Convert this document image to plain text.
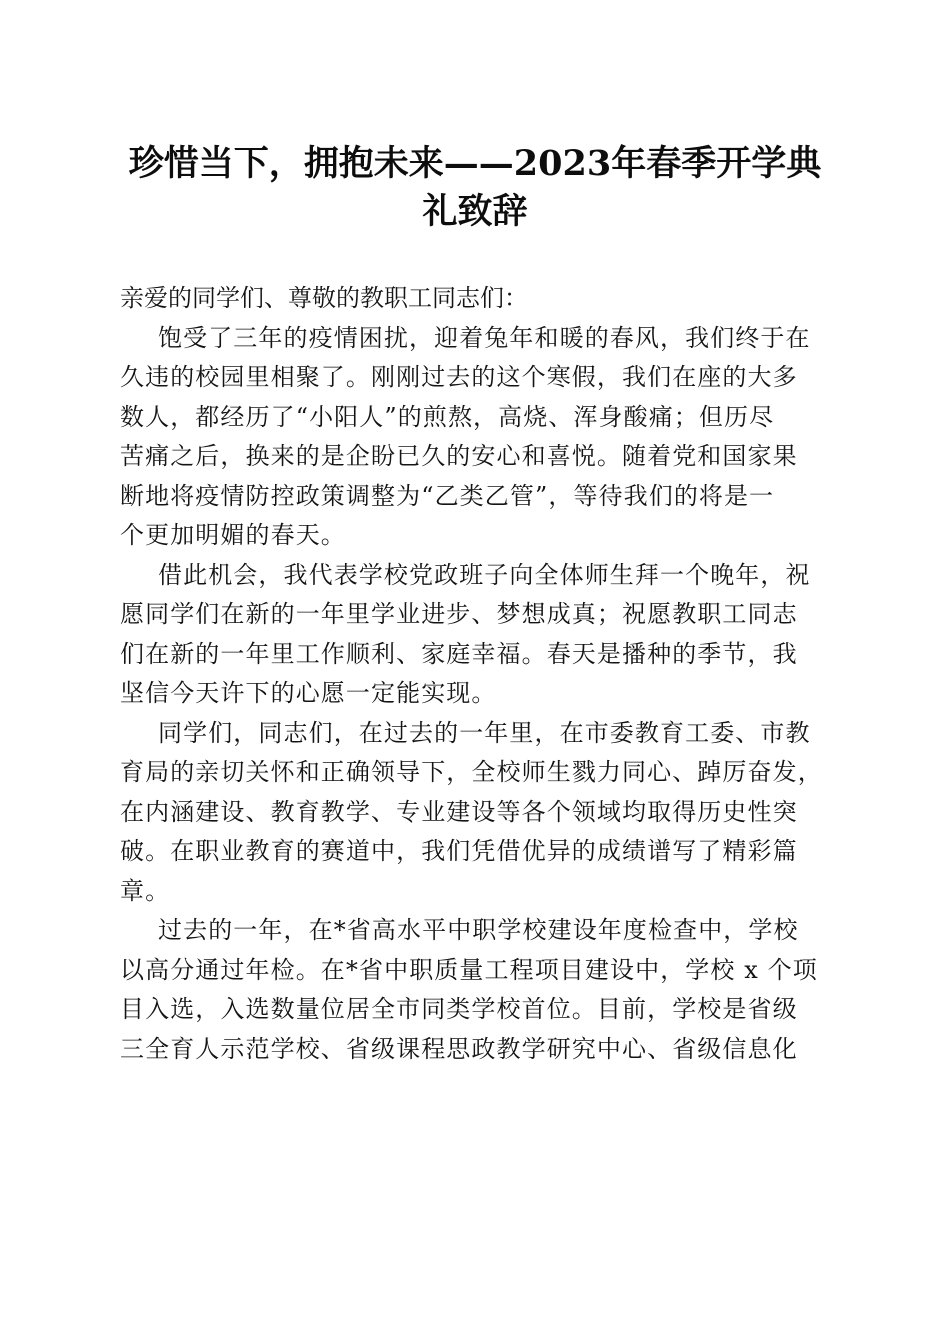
珍惜当下，拥抱未来——2023年春季开学典
礼致辞

亲爱的同学们、尊敬的教职工同志们：

饱受了三年的疫情困扰，迎着兔年和暖的春风，我们终于在
久违的校园里相聚了。刚刚过去的这个寒假，我们在座的大多
数人，都经历了“小阳人”的煎熬，高烧、浑身酸痛；但历尽
苦痛之后，换来的是企盼已久的安心和喜悦。随着党和国家果
断地将疫情防控政策调整为“乙类乙管”，等待我们的将是一
个更加明媚的春天。

借此机会，我代表学校党政班子向全体师生拜一个晚年，祝
愿同学们在新的一年里学业进步、梦想成真；祝愿教职工同志
们在新的一年里工作顺利、家庭幸福。春天是播种的季节，我
坚信今天许下的心愿一定能实现。

同学们，同志们，在过去的一年里，在市委教育工委、市教
育局的亲切关怀和正确领导下，全校师生戮力同心、踔厉奋发，
在内涵建设、教育教学、专业建设等各个领域均取得历史性突
破。在职业教育的赛道中，我们凭借优异的成绩谱写了精彩篇
章。

过去的一年，在*省高水平中职学校建设年度检查中，学校
以高分通过年检。在*省中职质量工程项目建设中，学校 x 个项
目入选，入选数量位居全市同类学校首位。目前，学校是省级
三全育人示范学校、省级课程思政教学研究中心、省级信息化
